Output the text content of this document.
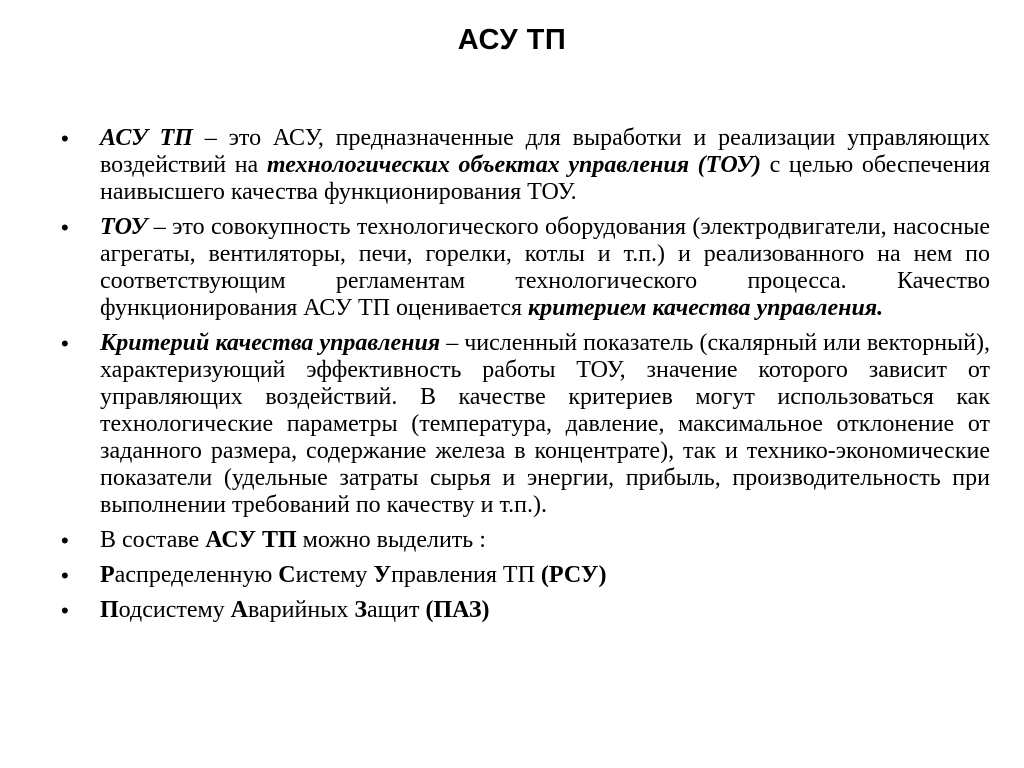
АСУ ТП
• АСУ ТП – это АСУ, предназначенные для выработки и реализации управляющих воздействий на технологических объектах управления (ТОУ) с целью обеспечения наивысшего качества функционирования ТОУ.
• ТОУ – это совокупность технологического оборудования (электродвигатели, насосные агрегаты, вентиляторы, печи, горелки, котлы и т.п.) и реализованного на нем по соответствующим регламентам технологического процесса. Качество функционирования АСУ ТП оценивается критерием качества управления.
• Критерий качества управления – численный показатель (скалярный или векторный), характеризующий эффективность работы ТОУ, значение которого зависит от управляющих воздействий. В качестве критериев могут использоваться как технологические параметры (температура, давление, максимальное отклонение от заданного размера, содержание железа в концентрате), так и технико-экономические показатели (удельные затраты сырья и энергии, прибыль, производительность при выполнении требований по качеству и т.п.).
• В составе АСУ ТП можно выделить :
• Распределенную Систему Управления ТП (РСУ)
• Подсистему Аварийных Защит (ПАЗ)
